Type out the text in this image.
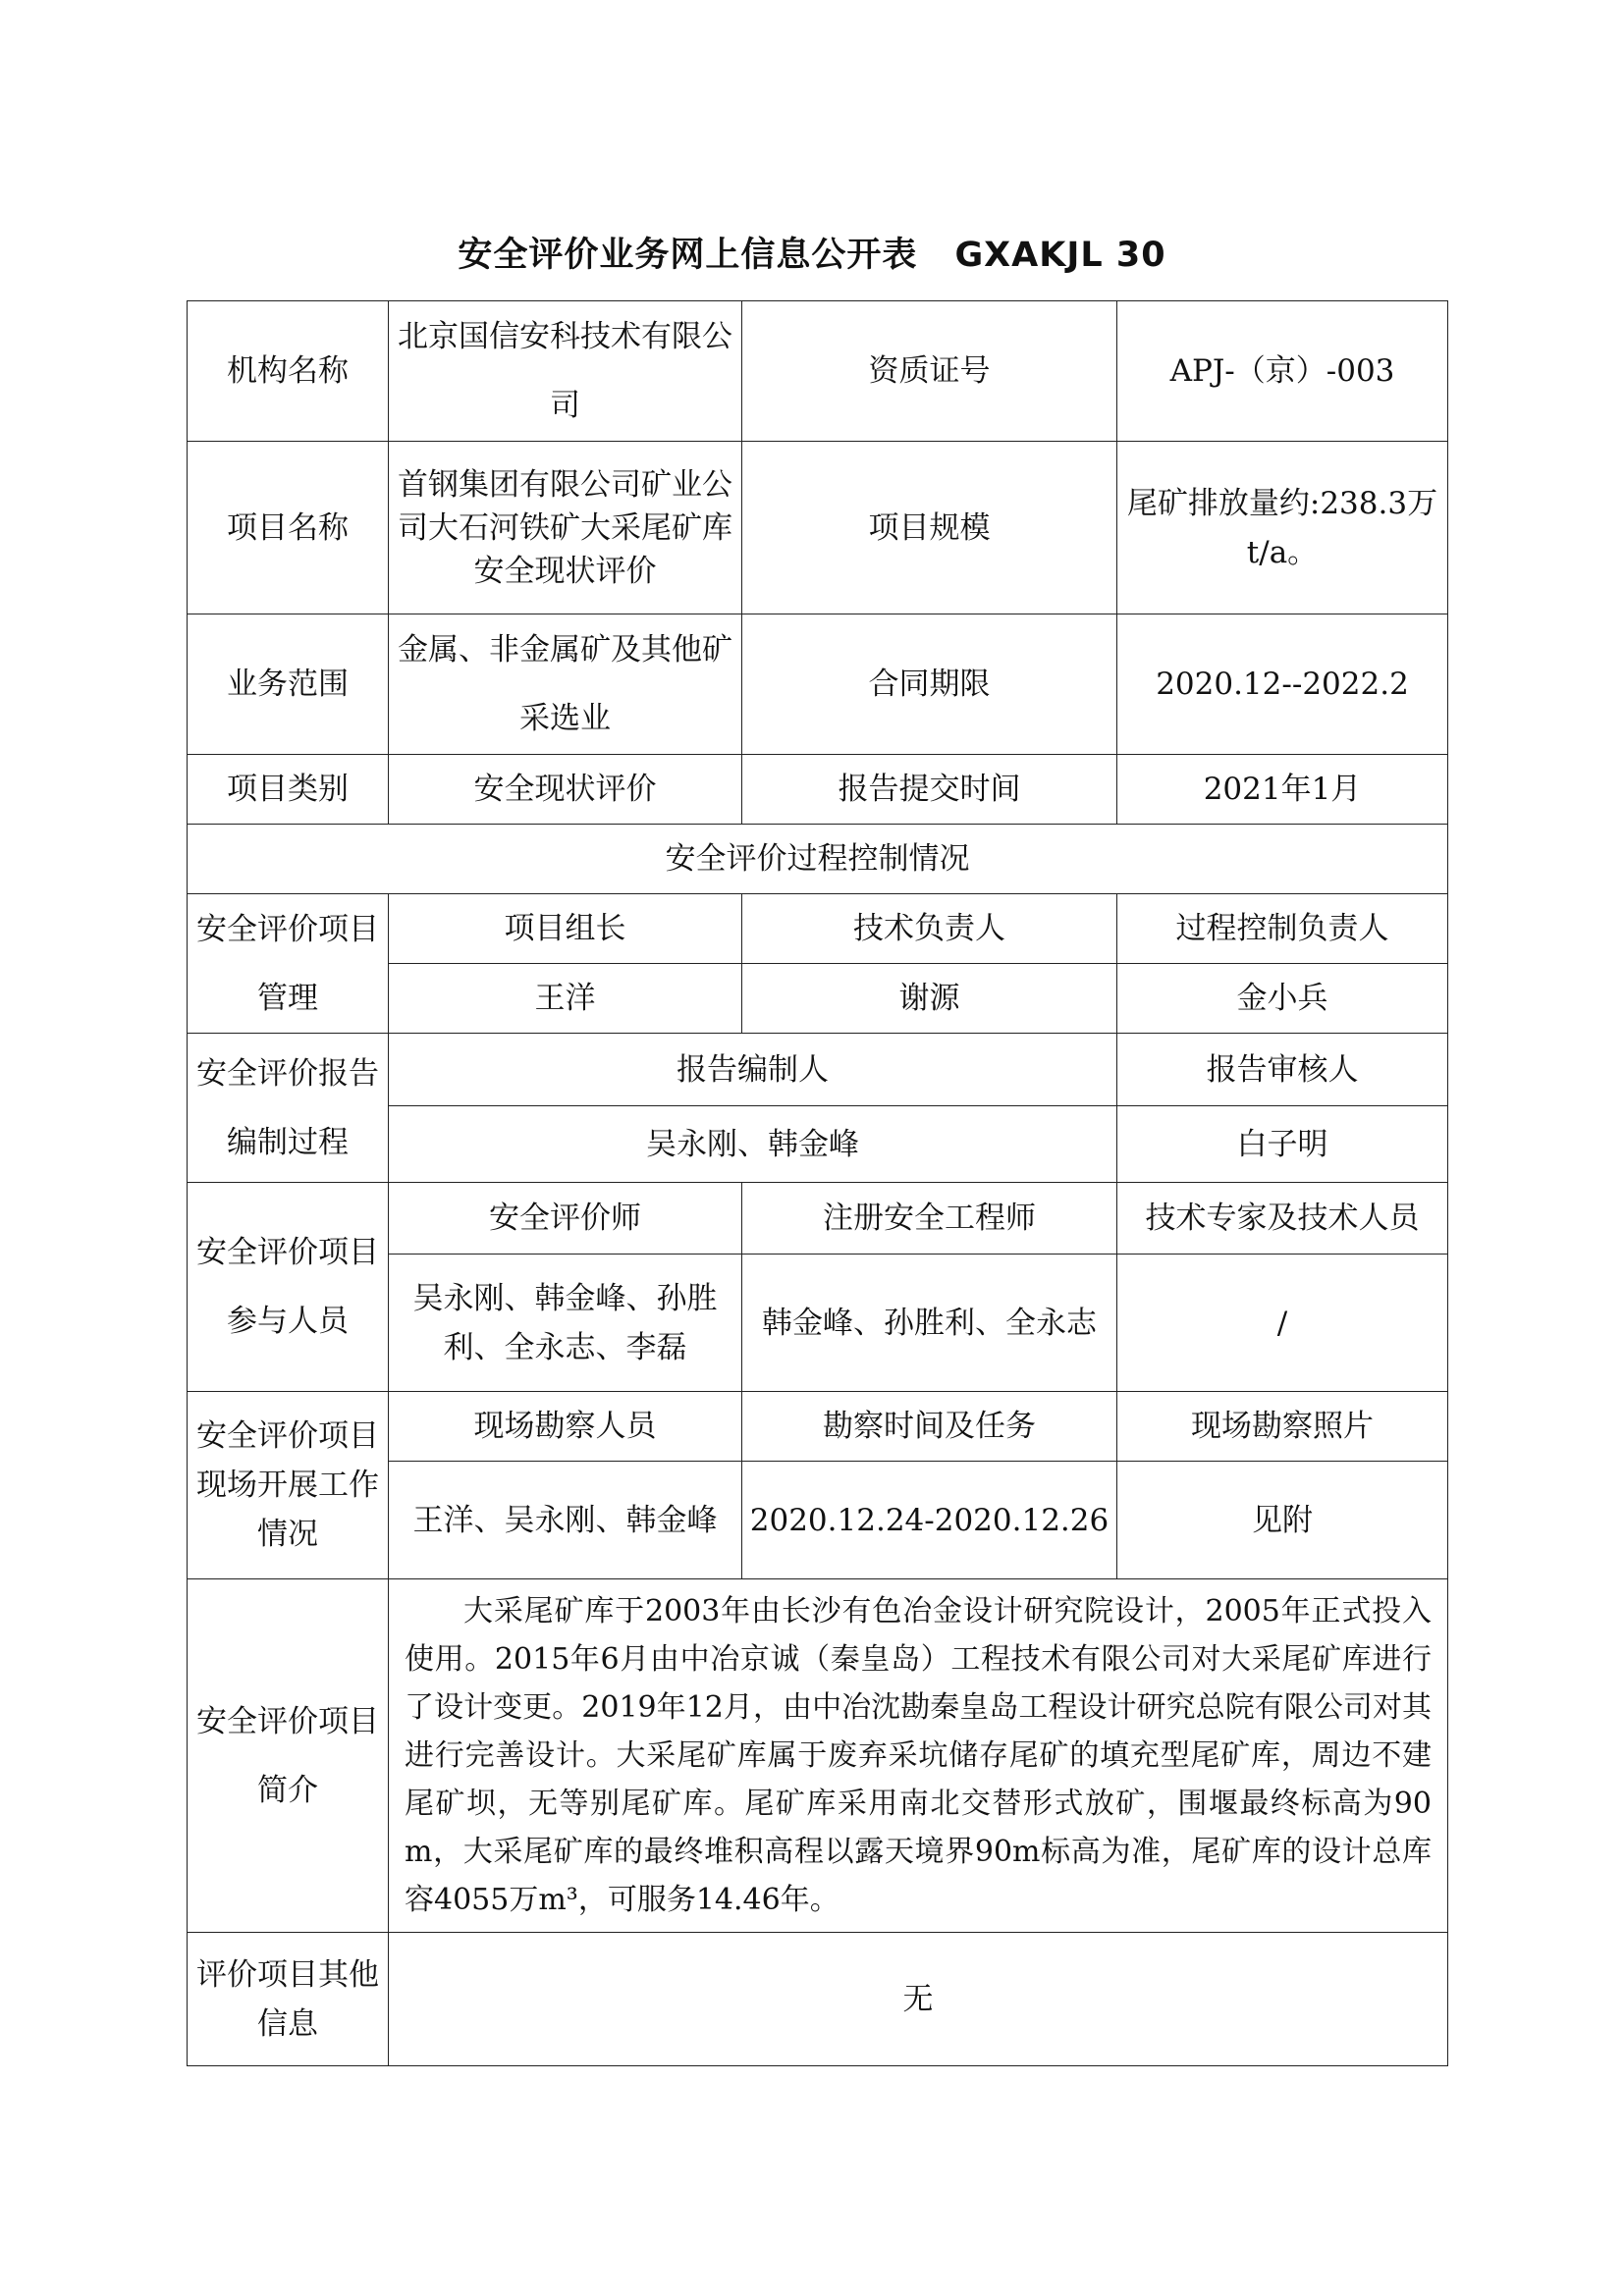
安全评价业务网上信息公开表 GXAKJL 30
机构名称	北京国信安科技术有限公司	资质证号	APJ-（京）-003
项目名称	首钢集团有限公司矿业公司大石河铁矿大采尾矿库安全现状评价	项目规模	尾矿排放量约:238.3万t/a。
业务范围	金属、非金属矿及其他矿采选业	合同期限	2020.12--2022.2
项目类别	安全现状评价	报告提交时间	2021年1月
安全评价过程控制情况			
安全评价项目管理	项目组长	技术负责人	过程控制负责人
	王洋	谢源	金小兵
安全评价报告编制过程	报告编制人		报告审核人
	吴永刚、韩金峰		白子明
安全评价项目参与人员	安全评价师	注册安全工程师	技术专家及技术人员
	吴永刚、韩金峰、孙胜利、全永志、李磊	韩金峰、孙胜利、全永志	/
安全评价项目现场开展工作情况	现场勘察人员	勘察时间及任务	现场勘察照片
	王洋、吴永刚、韩金峰	2020.12.24-2020.12.26	见附
安全评价项目简介	大采尾矿库于2003年由长沙有色冶金设计研究院设计，2005年正式投入使用。2015年6月由中冶京诚（秦皇岛）工程技术有限公司对大采尾矿库进行了设计变更。2019年12月，由中冶沈勘秦皇岛工程设计研究总院有限公司对其进行完善设计。大采尾矿库属于废弃采坑储存尾矿的填充型尾矿库，周边不建尾矿坝，无等别尾矿库。尾矿库采用南北交替形式放矿，围堰最终标高为90m，大采尾矿库的最终堆积高程以露天境界90m标高为准，尾矿库的设计总库容4055万m³，可服务14.46年。		
评价项目其他信息	无		
